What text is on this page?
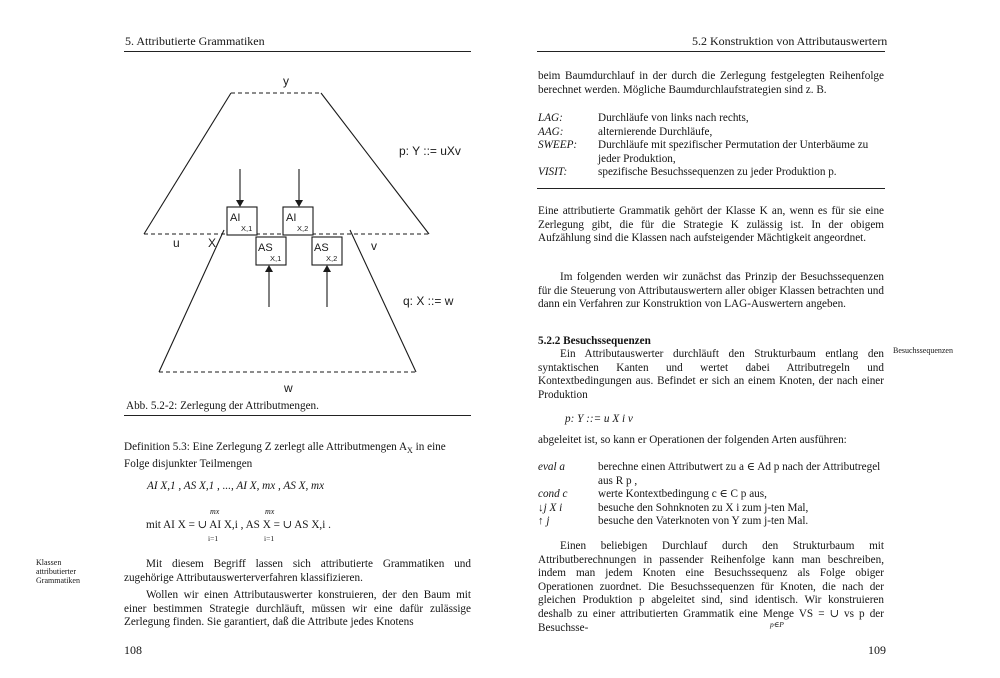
5. Attributierte Grammatiken
y
w
u X	v
p: Y ::= uXv
q: X ::= w
AI
X,1
AI
X,2
AS
X,1
AS
X,2
Abb. 5.2-2: Zerlegung der Attributmengen.

Definition 5.3: Eine Zerlegung Z zerlegt alle Attributmengen $A_X$ in eine

Folge disjunkter Teilmengen

AI X,1 , AS X,1 , ..., AI X, mx , AS X, mx
mx	mx
mit AI X = ∪ AI X,i , AS X = ∪ AS X,i .
i=1	i=1
Klassen
attributierter
Grammatiken
Mit diesem Begriff lassen sich attributierte Grammatiken und zugehörige Attributauswerterverfahren klassifizieren.
Wollen wir einen Attributauswerter konstruieren, der den Baum mit einer bestimmen Strategie durchläuft, müssen wir eine dafür zulässige Zerlegung finden. Sie garantiert, daß die Attribute jedes Knotens
108
5.2 Konstruktion von Attributauswertern
beim Baumdurchlauf in der durch die Zerlegung festgelegten Reihenfolge berechnet werden. Mögliche Baumdurchlaufstrategien sind z. B.
LAG:	Durchläufe von links nach rechts,
AAG:	alternierende Durchläufe,
SWEEP:	Durchläufe mit spezifischer Permutation der Unterbäume zu jeder Produktion,
VISIT:	spezifische Besuchssequenzen zu jeder Produktion p.
Eine attributierte Grammatik gehört der Klasse K an, wenn es für sie eine Zerlegung gibt, die für die Strategie K zulässig ist. In der obigem Aufzählung sind die Klassen nach aufsteigender Mächtigkeit angeordnet.
Im folgenden werden wir zunächst das Prinzip der Besuchssequenzen für die Steuerung von Attributauswertern aller obiger Klassen betrachten und dann ein Verfahren zur Konstruktion von LAG-Auswertern angeben.
5.2.2 Besuchssequenzen
Besuchssequenzen
Ein Attributauswerter durchläuft den Strukturbaum entlang den syntaktischen Kanten und wertet dabei Attributregeln und Kontextbedingungen aus. Befindet er sich an einem Knoten, der nach einer Produktion
p: Y ::= u X i v
abgeleitet ist, so kann er Operationen der folgenden Arten ausführen:
eval a	berechne einen Attributwert zu a ∈ Ad p nach der Attributregel aus R p ,
cond c	werte Kontextbedingung c ∈ C p aus,
↓j X i	besuche den Sohnknoten zu X i zum j-ten Mal,
↑ j	besuche den Vaterknoten von Y zum j-ten Mal.
Einen beliebigen Durchlauf durch den Strukturbaum mit Attributberechnungen in passender Reihenfolge kann man beschreiben, indem man jedem Knoten eine Besuchssequenz als Folge obiger Operationen zuordnet. Die Besuchssequenzen für Knoten, die nach der gleichen Produktion p abgeleitet sind, sind identisch. Wir konstruieren deshalb zu einer attributierten Grammatik eine Menge VS = ∪ vs p der Besuchsse-	p∈P
109
